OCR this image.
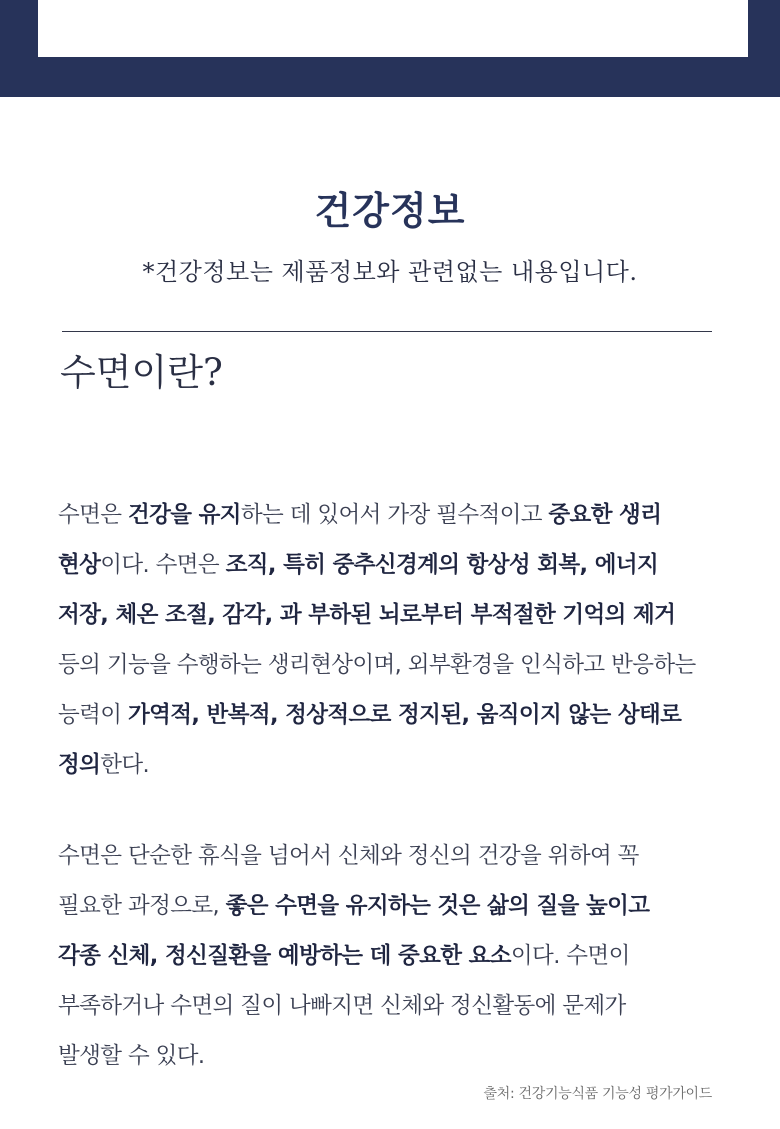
건강정보
*건강정보는 제품정보와 관련없는 내용입니다.
수면이란?
수면은 건강을 유지하는 데 있어서 가장 필수적이고 중요한 생리
현상이다. 수면은 조직, 특히 중추신경계의 항상성 회복, 에너지
저장, 체온 조절, 감각, 과 부하된 뇌로부터 부적절한 기억의 제거
등의 기능을 수행하는 생리현상이며, 외부환경을 인식하고 반응하는
능력이 가역적, 반복적, 정상적으로 정지된, 움직이지 않는 상태로
정의한다.
수면은 단순한 휴식을 넘어서 신체와 정신의 건강을 위하여 꼭
필요한 과정으로, 좋은 수면을 유지하는 것은 삶의 질을 높이고
각종 신체, 정신질환을 예방하는 데 중요한 요소이다. 수면이
부족하거나 수면의 질이 나빠지면 신체와 정신활동에 문제가
발생할 수 있다.
출처: 건강기능식품 기능성 평가가이드
